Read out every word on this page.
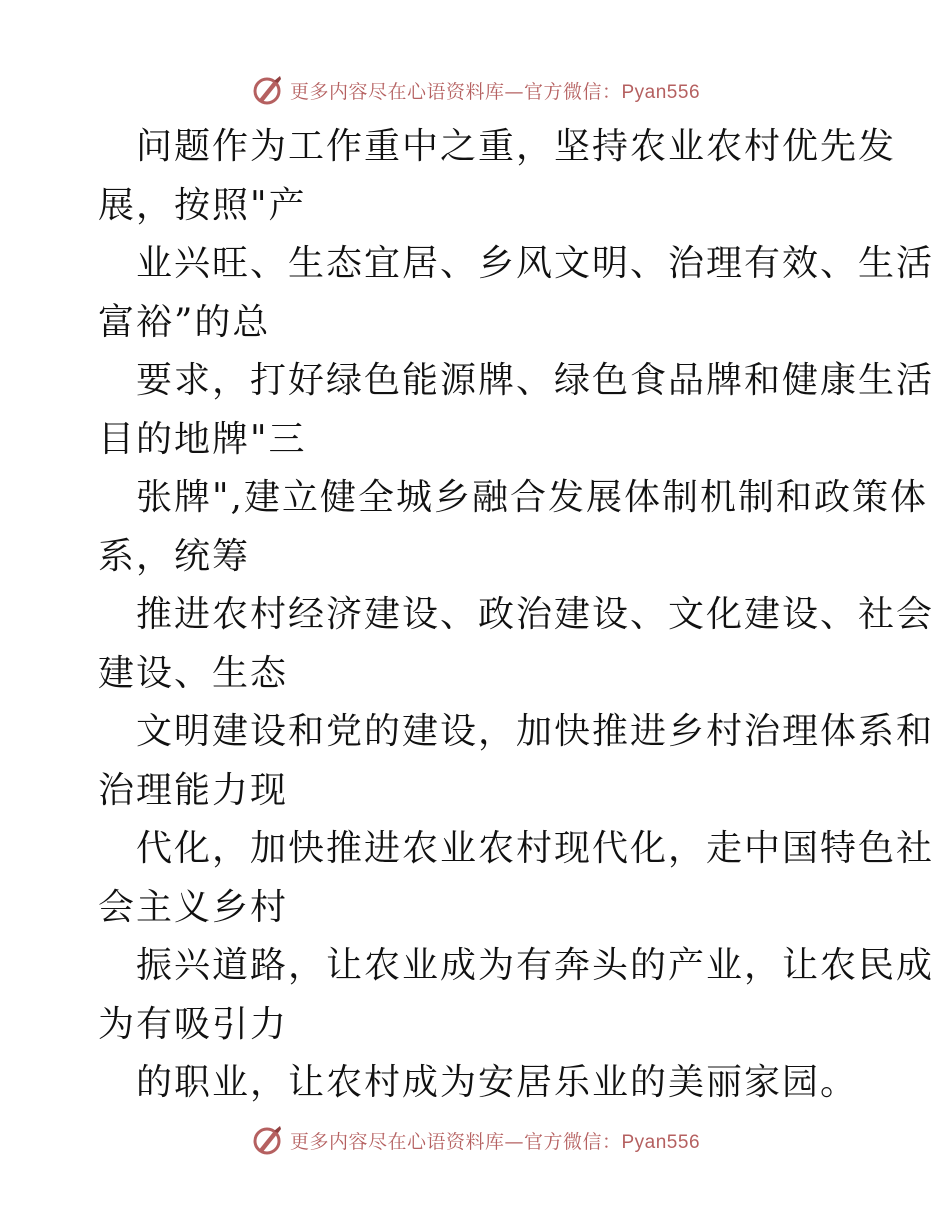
更多内容尽在心语资料库—官方微信：Pyan556
问题作为工作重中之重，坚持农业农村优先发
展，按照"产
业兴旺、生态宜居、乡风文明、治理有效、生活
富裕”的总
要求，打好绿色能源牌、绿色食品牌和健康生活
目的地牌"三
张牌",建立健全城乡融合发展体制机制和政策体
系，统筹
推进农村经济建设、政治建设、文化建设、社会
建设、生态
文明建设和党的建设，加快推进乡村治理体系和
治理能力现
代化，加快推进农业农村现代化，走中国特色社
会主义乡村
振兴道路，让农业成为有奔头的产业，让农民成
为有吸引力
的职业，让农村成为安居乐业的美丽家园。
更多内容尽在心语资料库—官方微信：Pyan556
